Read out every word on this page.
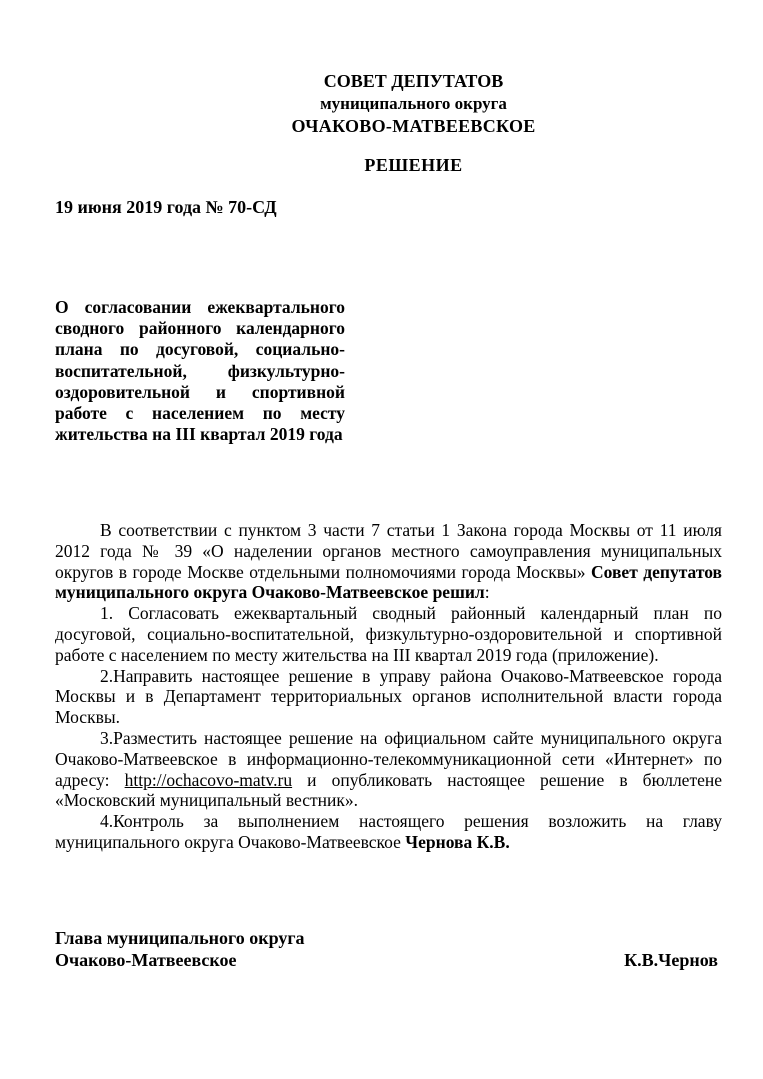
СОВЕТ ДЕПУТАТОВ
муниципального округа
ОЧАКОВО-МАТВЕЕВСКОЕ
РЕШЕНИЕ
19 июня 2019 года № 70-СД
О согласовании ежеквартального сводного районного календарного плана по досуговой, социально-воспитательной, физкультурно-оздоровительной и спортивной работе с населением по месту жительства на III квартал 2019 года

В соответствии с пунктом 3 части 7 статьи 1 Закона города Москвы от 11 июля 2012 года № 39 «О наделении органов местного самоуправления муниципальных округов в городе Москве отдельными полномочиями города Москвы» Совет депутатов муниципального округа Очаково-Матвеевское решил:

1. Согласовать ежеквартальный сводный районный календарный план по досуговой, социально-воспитательной, физкультурно-оздоровительной и спортивной работе с населением по месту жительства на III квартал 2019 года (приложение).

2.Направить настоящее решение в управу района Очаково-Матвеевское города Москвы и в Департамент территориальных органов исполнительной власти города Москвы.

3.Разместить настоящее решение на официальном сайте муниципального округа Очаково-Матвеевское в информационно-телекоммуникационной сети «Интернет» по адресу: http://ochacovo-matv.ru и опубликовать настоящее решение в бюллетене «Московский муниципальный вестник».

4.Контроль за выполнением настоящего решения возложить на главу муниципального округа Очаково-Матвеевское Чернова К.В.

Глава муниципального округа
Очаково-Матвеевское	К.В.Чернов
